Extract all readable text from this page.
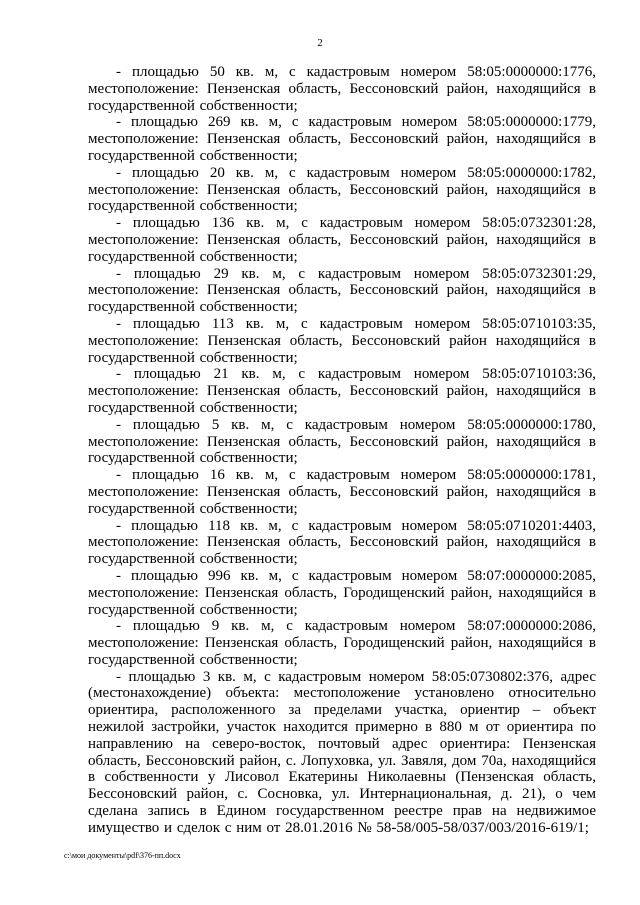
2

- площадью 50 кв. м, с кадастровым номером 58:05:0000000:1776, местоположение: Пензенская область, Бессоновский район, находящийся в государственной собственности;

- площадью 269 кв. м, с кадастровым номером 58:05:0000000:1779, местоположение: Пензенская область, Бессоновский район, находящийся в государственной собственности;

- площадью 20 кв. м, с кадастровым номером 58:05:0000000:1782, местоположение: Пензенская область, Бессоновский район, находящийся в государственной собственности;

- площадью 136 кв. м, с кадастровым номером 58:05:0732301:28, местоположение: Пензенская область, Бессоновский район, находящийся в государственной собственности;

- площадью 29 кв. м, с кадастровым номером 58:05:0732301:29, местоположение: Пензенская область, Бессоновский район, находящийся в государственной собственности;

- площадью 113 кв. м, с кадастровым номером 58:05:0710103:35, местоположение: Пензенская область, Бессоновский район находящийся в государственной собственности;

- площадью 21 кв. м, с кадастровым номером 58:05:0710103:36, местоположение: Пензенская область, Бессоновский район, находящийся в государственной собственности;

- площадью 5 кв. м, с кадастровым номером 58:05:0000000:1780, местоположение: Пензенская область, Бессоновский район, находящийся в государственной собственности;

- площадью 16 кв. м, с кадастровым номером 58:05:0000000:1781, местоположение: Пензенская область, Бессоновский район, находящийся в государственной собственности;

- площадью 118 кв. м, с кадастровым номером 58:05:0710201:4403, местоположение: Пензенская область, Бессоновский район, находящийся в государственной собственности;

- площадью 996 кв. м, с кадастровым номером 58:07:0000000:2085, местоположение: Пензенская область, Городищенский район, находящийся в государственной собственности;

- площадью 9 кв. м, с кадастровым номером 58:07:0000000:2086, местоположение: Пензенская область, Городищенский район, находящийся в государственной собственности;

- площадью 3 кв. м, с кадастровым номером 58:05:0730802:376, адрес (местонахождение) объекта: местоположение установлено относительно ориентира, расположенного за пределами участка, ориентир – объект нежилой застройки, участок находится примерно в 880 м от ориентира по направлению на северо-восток, почтовый адрес ориентира: Пензенская область, Бессоновский район, с. Лопуховка, ул. Завяля, дом 70а, находящийся в собственности у Лисовол Екатерины Николаевны (Пензенская область, Бессоновский район, с. Сосновка, ул. Интернациональная, д. 21), о чем сделана запись в Едином государственном реестре прав на недвижимое имущество и сделок с ним от 28.01.2016 № 58-58/005-58/037/003/2016-619/1;

c:\мои документы\pdf\376-пп.docx
